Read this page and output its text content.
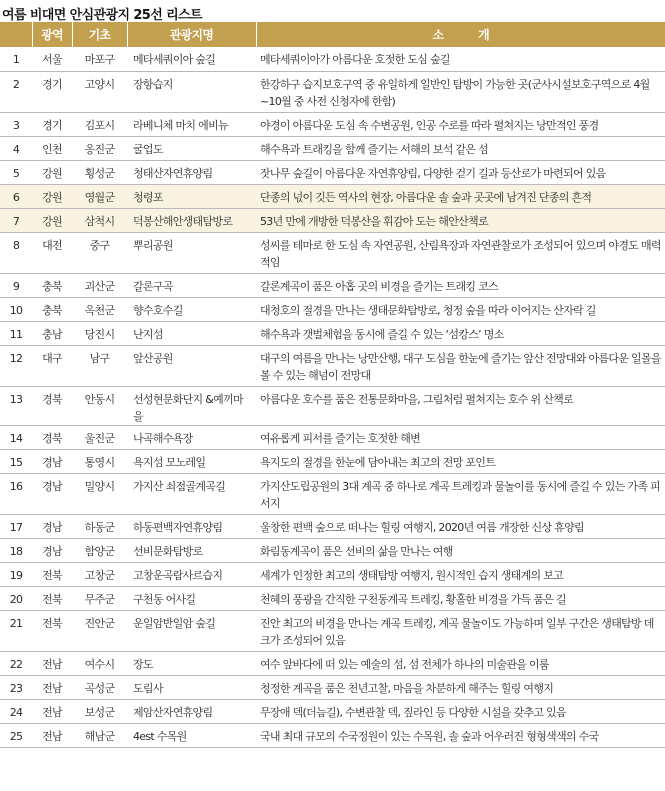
여름 비대면 안심관광지 25선 리스트
	광역	기초	관광지명	소          개
1	서울	마포구	메타세쿼이아 숲길	메타세쿼이아가 아름다운 호젓한 도심 숲길
2	경기	고양시	장항습지	한강하구 습지보호구역 중 유일하게 일반인 탐방이 가능한 곳(군사시설보호구역으로 4월~10월 중 사전 신청자에 한함)
3	경기	김포시	라베니체 마치 에비뉴	야경이 아름다운 도심 속 수변공원, 인공 수로를 따라 펼쳐지는 낭만적인 풍경
4	인천	옹진군	굴업도	해수욕과 트래킹을 함께 즐기는 서해의 보석 같은 섬
5	강원	횡성군	청태산자연휴양림	잣나무 숲길이 아름다운 자연휴양림, 다양한 걷기 길과 등산로가 마련되어 있음
6	강원	영월군	청령포	단종의 넋이 깃든 역사의 현장, 아름다운 솔 숲과 곳곳에 남겨진 단종의 흔적
7	강원	삼척시	덕봉산해안생태탐방로	53년 만에 개방한 덕봉산을 휘감아 도는 해안산책로
8	대전	중구	뿌리공원	성씨를 테마로 한 도심 속 자연공원, 산림욕장과 자연관찰로가 조성되어 있으며 야경도 매력적임
9	충북	괴산군	갈론구곡	갈론계곡이 품은 아홉 곳의 비경을 즐기는 트래킹 코스
10	충북	옥천군	향수호수길	대청호의 절경을 만나는 생태문화탐방로, 청정 숲을 따라 이어지는 산자락 길
11	충남	당진시	난지섬	해수욕과 갯벌체험을 동시에 즐길 수 있는 ‘섬캉스’ 명소
12	대구	남구	앞산공원	대구의 여름을 만나는 낭만산행, 대구 도심을 한눈에 즐기는 앞산 전망대와 아름다운 일몰을 볼 수 있는 해넘이 전망대
13	경북	안동시	선성현문화단지 &예끼마을	아름다운 호수를 품은 전통문화마을, 그림처럼 펼쳐지는 호수 위 산책로
14	경북	울진군	나곡해수욕장	여유롭게 피서를 즐기는 호젓한 해변
15	경남	통영시	욕지섬 모노레일	욕지도의 절경을 한눈에 담아내는 최고의 전망 포인트
16	경남	밀양시	가지산 쇠점골계곡길	가지산도립공원의 3대 계곡 중 하나로 계곡 트레킹과 물놀이를 동시에 즐길 수 있는 가족 피서지
17	경남	하동군	하동편백자연휴양림	울창한 편백 숲으로 떠나는 힐링 여행지, 2020년 여름 개장한 신상 휴양림
18	경남	함양군	선비문화탐방로	화림동계곡이 품은 선비의 삶을 만나는 여행
19	전북	고창군	고창운곡람사르습지	세계가 인정한 최고의 생태탐방 여행지, 원시적인 습지 생태계의 보고
20	전북	무주군	구천동 어사길	천혜의 풍광을 간직한 구천동계곡 트레킹, 황홀한 비경을 가득 품은 길
21	전북	진안군	운일암반일암 숲길	진안 최고의 비경을 만나는 계곡 트레킹, 계곡 물놀이도 가능하며 일부 구간은 생태탐방 데크가 조성되어 있음
22	전남	여수시	장도	여수 앞바다에 떠 있는 예술의 섬, 섬 전체가 하나의 미술관을 이룸
23	전남	곡성군	도림사	청정한 계곡을 품은 천년고찰, 마음을 차분하게 해주는 힐링 여행지
24	전남	보성군	제암산자연휴양림	무장애 덱(더늠길), 수변관찰 덱, 짚라인 등 다양한 시설을 갖추고 있음
25	전남	해남군	4est 수목원	국내 최대 규모의 수국정원이 있는 수목원, 솔 숲과 어우러진 형형색색의 수국
